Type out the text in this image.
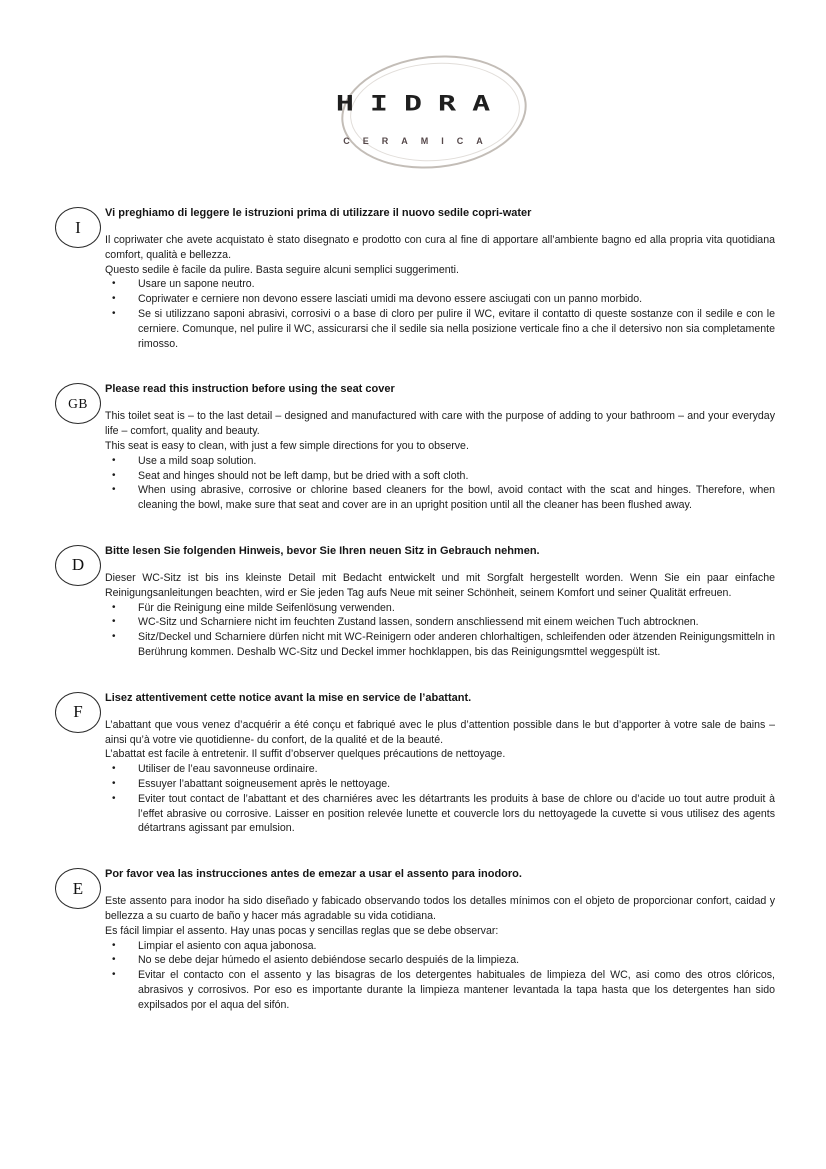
HIDRA
CERAMICA
I
Vi preghiamo di leggere le istruzioni prima di utilizzare il nuovo sedile copri-water

Il copriwater che avete acquistato è stato disegnato e prodotto con cura al fine di apportare all’ambiente bagno ed alla propria vita quotidiana comfort, qualità e bellezza.

Questo sedile è facile da pulire. Basta seguire alcuni semplici suggerimenti.

•	Usare un sapone neutro.
•	Copriwater e cerniere non devono essere lasciati umidi ma devono essere asciugati con un panno morbido.
•	Se si utilizzano saponi abrasivi, corrosivi o a base di cloro per pulire il WC, evitare il contatto di queste sostanze con il sedile e con le cerniere. Comunque, nel pulire il WC, assicurarsi che il sedile sia nella posizione verticale fino a che il detersivo non sia completamente rimosso.
GB
Please read this instruction before using the seat cover

This toilet seat is – to the last detail – designed and manufactured with care with the purpose of adding to your bathroom – and your everyday life – comfort, quality and beauty.

This seat is easy to clean, with just a few simple directions for you to observe.

•	Use a mild soap solution.
•	Seat and hinges should not be left damp, but be dried with a soft cloth.
•	When using abrasive, corrosive or chlorine based cleaners for the bowl, avoid contact with the scat and hinges. Therefore, when cleaning the bowl, make sure that seat and cover are in an upright position until all the cleaner has been flushed away.
D
Bitte lesen Sie folgenden Hinweis, bevor Sie Ihren neuen Sitz in Gebrauch nehmen.

Dieser WC-Sitz ist bis ins kleinste Detail mit Bedacht entwickelt und mit Sorgfalt hergestellt worden. Wenn Sie ein paar einfache Reinigungsanleitungen beachten, wird er Sie jeden Tag aufs Neue mit seiner Schönheit, seinem Komfort und seiner Qualität erfreuen.

•	Für die Reinigung eine milde Seifenlösung verwenden.
•	WC-Sitz und Scharniere nicht im feuchten Zustand lassen, sondern anschliessend mit einem weichen Tuch abtrocknen.
•	Sitz/Deckel und Scharniere dürfen nicht mit WC-Reinigern oder anderen chlorhaltigen, schleifenden oder ätzenden Reinigungsmitteln in Berührung kommen. Deshalb WC-Sitz und Deckel immer hochklappen, bis das Reinigungsmttel weggespült ist.
F
Lisez attentivement cette notice avant la mise en service de l’abattant.

L’abattant que vous venez d’acquérir a été conçu et fabriqué avec le plus d’attention possible dans le but d’apporter à votre sale de bains – ainsi qu’à votre vie quotidienne- du confort, de la qualité et de la beauté.

L’abattat est facile à entretenir. Il suffit d’observer quelques précautions de nettoyage.

•	Utiliser de l’eau savonneuse ordinaire.
•	Essuyer l’abattant soigneusement après le nettoyage.
•	Eviter tout contact de l’abattant et des charniéres avec les détartrants les produits à base de chlore ou d’acide uo tout autre produit à l’effet abrasive ou corrosive. Laisser en position relevée lunette et couvercle lors du nettoyagede la cuvette si vous utilisez des agents détartrans agissant par emulsion.
E
Por favor vea las instrucciones antes de emezar a usar el assento para inodoro.

Este assento para inodor ha sido diseñado y fabicado observando todos los detalles mínimos con el objeto de proporcionar confort, caidad y bellezza a su cuarto de baño y hacer más agradable su vida cotidiana.

Es fácil limpiar el assento. Hay unas pocas y sencillas reglas que se debe observar:

•	Limpiar el asiento con aqua jabonosa.
•	No se debe dejar húmedo el asiento debiéndose secarlo despuiés de la limpieza.
•	Evitar el contacto con el assento y las bisagras de los detergentes habituales de limpieza del WC, asi como des otros clóricos, abrasivos y corrosivos. Por eso es importante durante la limpieza mantener levantada la tapa hasta que los detergentes han sido expilsados por el aqua del sifón.
